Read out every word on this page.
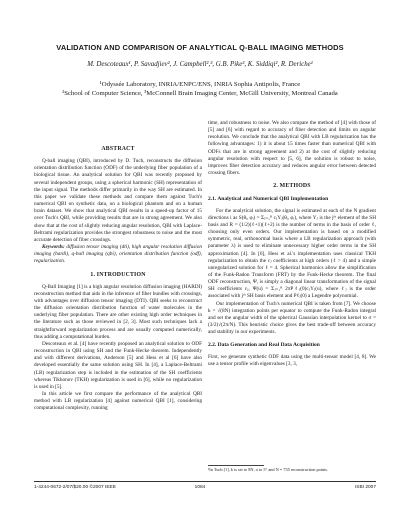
VALIDATION AND COMPARISON OF ANALYTICAL Q-BALL IMAGING METHODS
M. Descoteaux¹, P. Savadjiev², J. Campbell²,³, G.B. Pike³, K. Siddiqi², R. Deriche¹
¹Odyssée Laboratory, INRIA/ENPC/ENS, INRIA Sophia Antipolis, France
²School of Computer Science, ³McConnell Brain Imaging Center, McGill University, Montreal Canada
ABSTRACT

Q-ball imaging (QBI), introduced by D. Tuch, reconstructs the diffusion orientation distribution function (ODF) of the underlying fiber population of a biological tissue. An analytical solution for QBI was recently proposed by several independent groups, using a spherical harmonic (SH) representation of the input signal. The methods differ primarily in the way SH are estimated. In this paper we validate these methods and compare them against Tuch's numerical QBI on synthetic data, on a biological phantom and on a human brain dataset. We show that analytical QBI results in a speed-up factor of 15 over Tuch's QBI, while providing results that are in strong agreement. We also show that at the cost of slightly reducing angular resolution, QBI with Laplace-Beltrami regularization provides the strongest robustness to noise and the most accurate detection of fiber crossings.

Keywords: diffusion tensor imaging (dti), high angular resolution diffusion imaging (hardi), q-ball imaging (qbi), orientation distribution function (odf), regularization.

1. INTRODUCTION

Q-Ball Imaging [1] is a high angular resolution diffusion imaging (HARDI) reconstruction method that aids in the inference of fiber bundles with crossings, with advantages over diffusion tensor imaging (DTI). QBI seeks to reconstruct the diffusion orientation distribution function of water molecules in the underlying fiber population. There are other existing high order techniques in the literature such as those reviewed in [2, 3]. Most such techniques lack a straightforward regularization process and are usually computed numerically, thus adding a computational burden.

Descoteaux et al. [4] have recently proposed an analytical solution to ODF reconstruction in QBI using SH and the Funk-Hecke theorem. Independently and with different derivations, Anderson [5] and Hess et al [6] have also developed essentially the same solution using SH. In [4], a Laplace-Beltrami (LB) regularization step is included in the estimation of the SH coefficients whereas Tikhonov (TKH) regularization is used in [6], while no regularization is used in [5].

In this article we first compare the performance of the analytical QBI method with LB regularization [4] against numerical QBI [1], considering computational complexity, running

time, and robustness to noise. We also compare the method of [4] with those of [5] and [6] with regard to accuracy of fiber detection and limits on angular resolution. We conclude that the analytical QBI with LB regularization has the following advantages: 1) it is about 15 times faster than numerical QBI with ODFs that are in strong agreement and 2) at the cost of slightly reducing angular resolution with respect to [5, 6], the solution is robust to noise, improves fiber detection accuracy and reduces angular error between detected crossing fibers.

2. METHODS
2.1. Analytical and Numerical QBI Implementation

For the analytical solution, the signal is estimated at each of the N gradient directions i as S(θᵢ, φᵢ) = Σⱼ₌₁ᴿ cⱼYⱼ(θᵢ, φᵢ), where Yⱼ is the jᵗʰ element of the SH basis and R = (1/2)(ℓ+1)(ℓ+2) is the number of terms in the basis of order ℓ, choosing only even orders. Our implementation is based on a modified symmetric, real, orthonormal basis where a LB regularization approach (with parameter λ) is used to eliminate unnecessary higher order terms in the SH approximation [4]. In [6], Hess et al.'s implementation uses classical TKH regularization to obtain the cⱼ coefficients at high orders (ℓ > 4) and a simple unregularized solution for ℓ = 4. Spherical harmonics allow the simplification of the Funk-Radon Transform (FRT) by the Funk-Hecke theorem. The final ODF reconstruction, Ψ, is simply a diagonal linear transformation of the signal SH coefficients cⱼ, Ψ(u) = Σⱼ₌₁ᴿ 2πPℓⱼ(0)cⱼYⱼ(u), where ℓⱼ is the order associated with jᵗʰ SH basis element and Pℓⱼ(0) a Legendre polynomial.

Our implementation of Tuch's numerical QBI is taken from [7]. We choose k = √(8N) integration points per equator to compute the Funk-Radon integral and set the angular width of the spherical Gaussian interpolation kernel to σ = (3/2)√(2π/N). This heuristic choice gives the best trade-off between accuracy and stability in our experiments.

2.2. Data Generation and Real Data Acquisition

First, we generate synthetic ODF data using the multi-tensor model [4, 8]. We use a tensor profile with eigenvalues [3, 3,

¹In Tuch [1], k is set to 8N, σ to 5° and N = 755 reconstruction points.
1-4244-0672-2/07/$20.00 ©2007 IEEE	1084	ISBI 2007
